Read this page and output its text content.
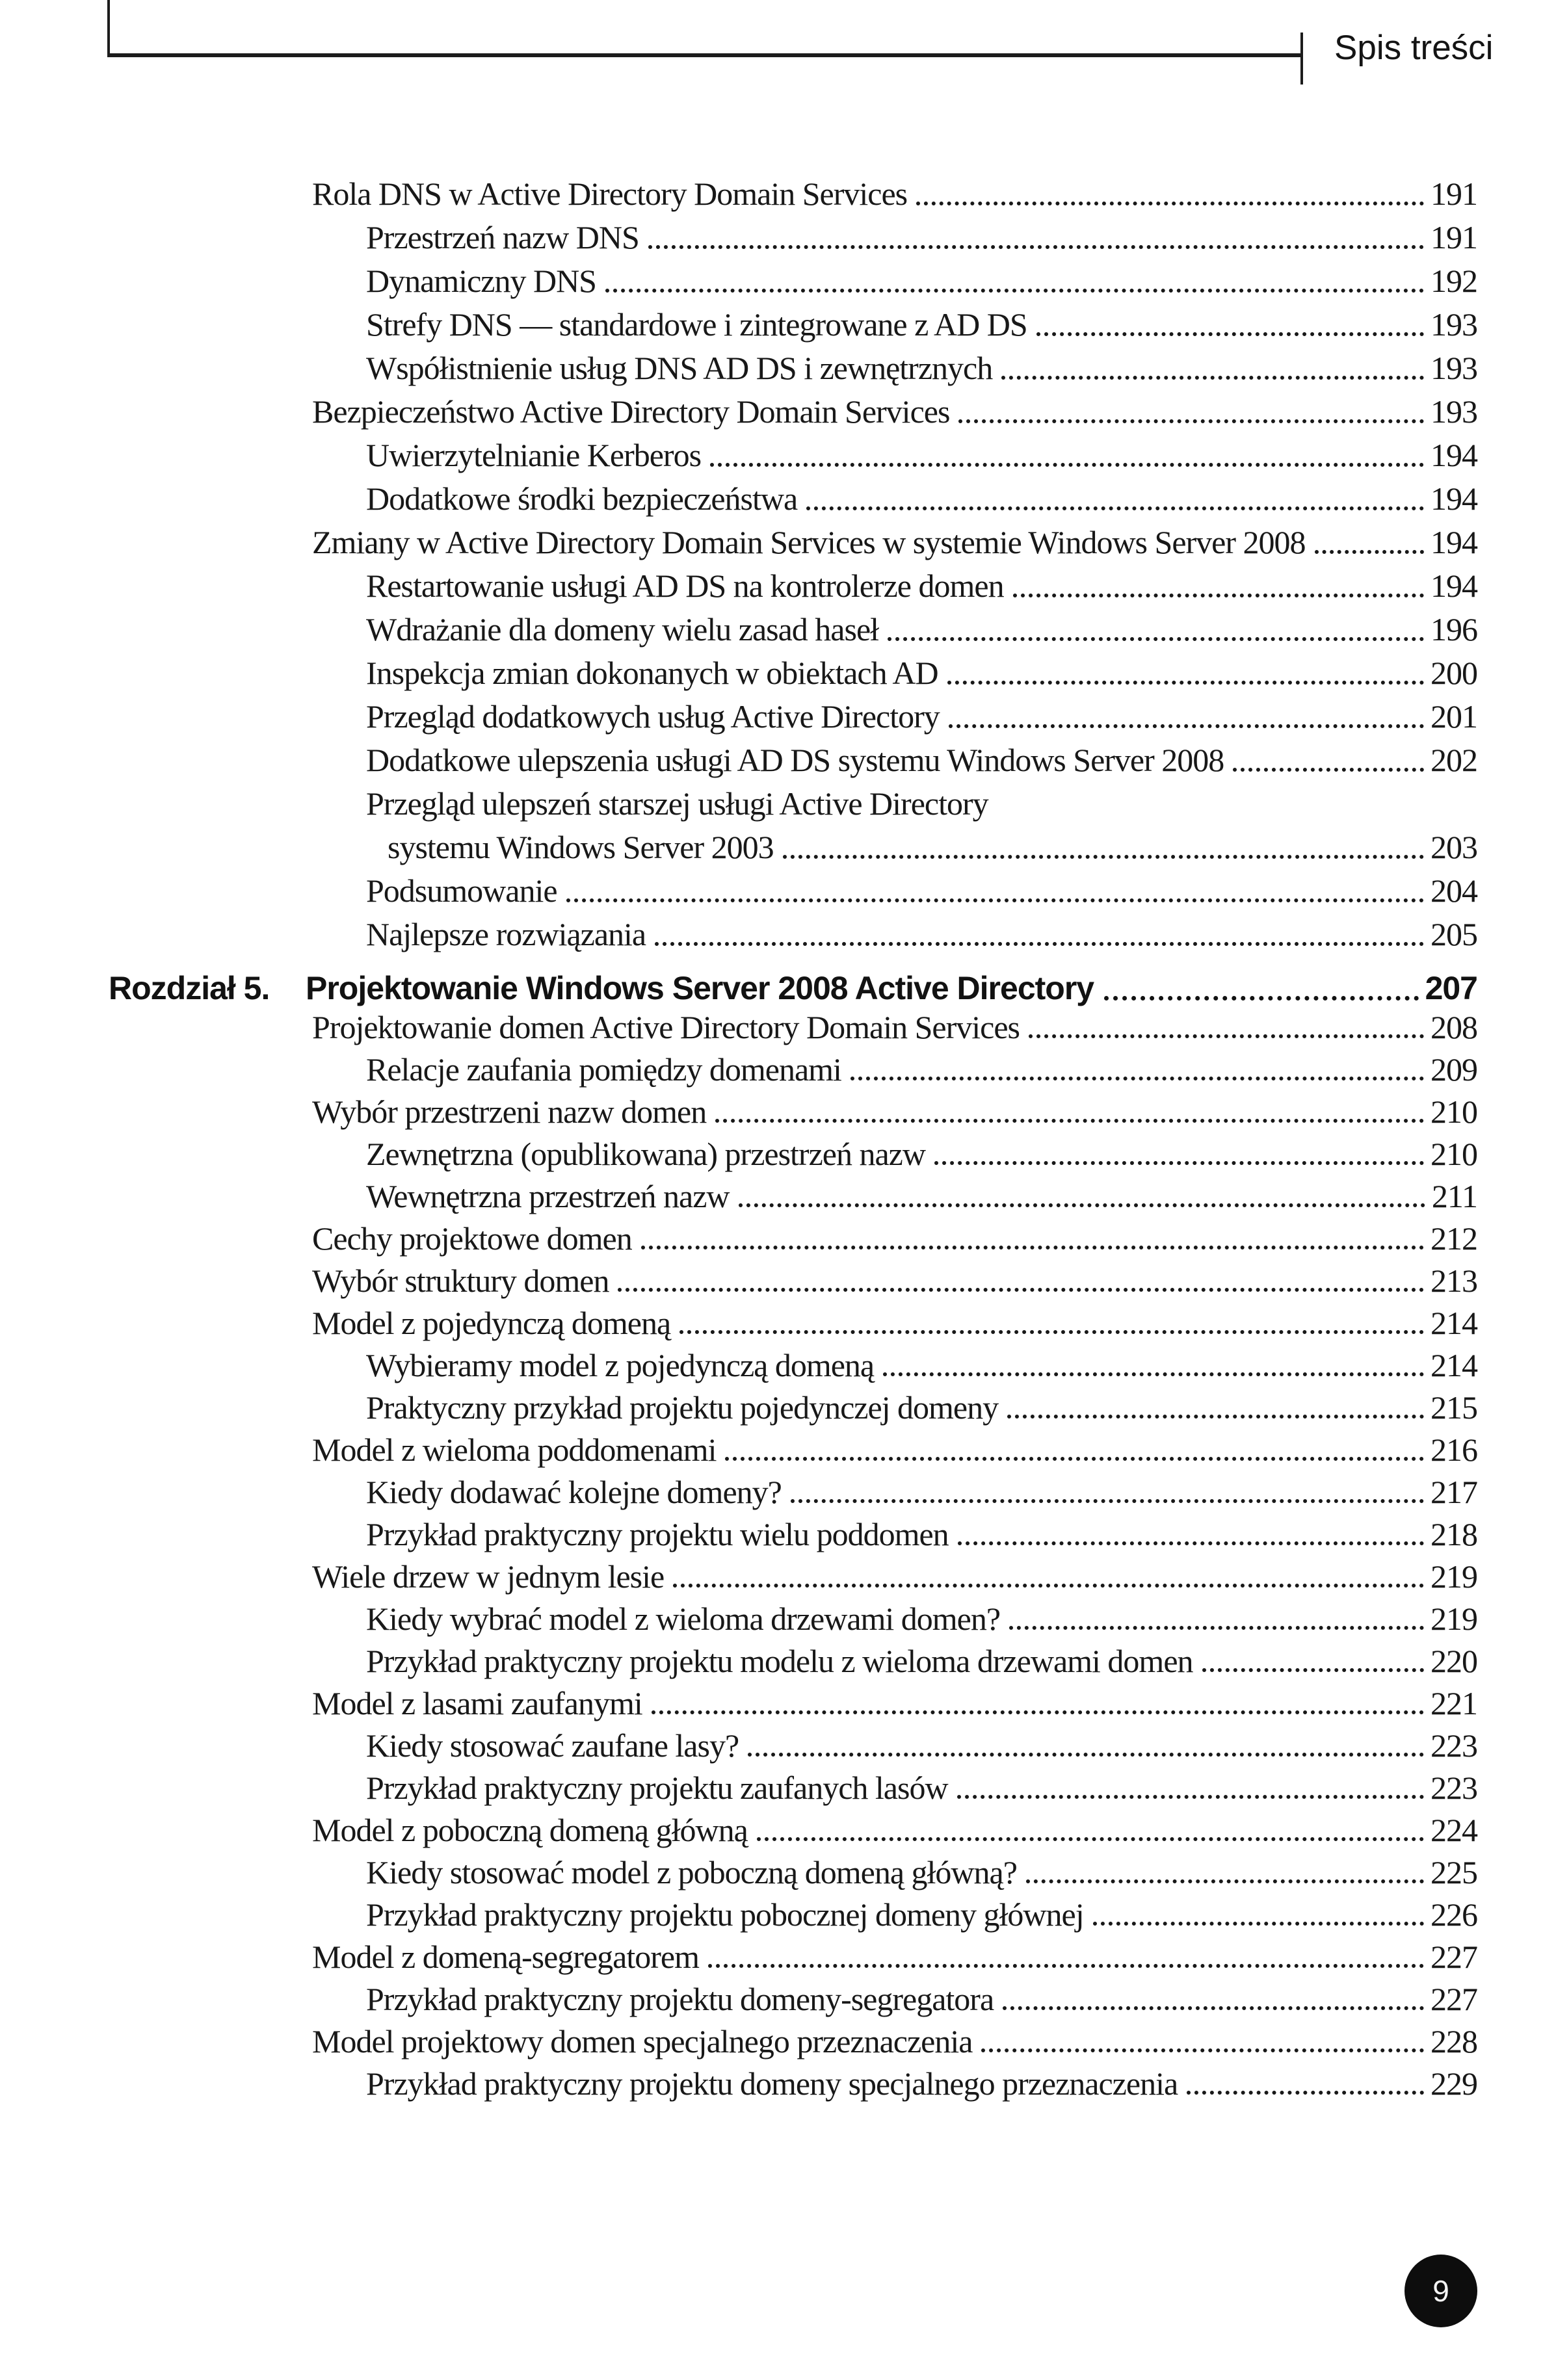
Spis treści
Rola DNS w Active Directory Domain Services	191
Przestrzeń nazw DNS	191
Dynamiczny DNS	192
Strefy DNS — standardowe i zintegrowane z AD DS	193
Współistnienie usług DNS AD DS i zewnętrznych	193
Bezpieczeństwo Active Directory Domain Services	193
Uwierzytelnianie Kerberos	194
Dodatkowe środki bezpieczeństwa	194
Zmiany w Active Directory Domain Services w systemie Windows Server 2008	194
Restartowanie usługi AD DS na kontrolerze domen	194
Wdrażanie dla domeny wielu zasad haseł	196
Inspekcja zmian dokonanych w obiektach AD	200
Przegląd dodatkowych usług Active Directory	201
Dodatkowe ulepszenia usługi AD DS systemu Windows Server 2008	202
Przegląd ulepszeń starszej usługi Active Directory
systemu Windows Server 2003	203
Podsumowanie	204
Najlepsze rozwiązania	205
Rozdział 5.	Projektowanie Windows Server 2008 Active Directory	207
Projektowanie domen Active Directory Domain Services	208
Relacje zaufania pomiędzy domenami	209
Wybór przestrzeni nazw domen	210
Zewnętrzna (opublikowana) przestrzeń nazw	210
Wewnętrzna przestrzeń nazw	211
Cechy projektowe domen	212
Wybór struktury domen	213
Model z pojedynczą domeną	214
Wybieramy model z pojedynczą domeną	214
Praktyczny przykład projektu pojedynczej domeny	215
Model z wieloma poddomenami	216
Kiedy dodawać kolejne domeny?	217
Przykład praktyczny projektu wielu poddomen	218
Wiele drzew w jednym lesie	219
Kiedy wybrać model z wieloma drzewami domen?	219
Przykład praktyczny projektu modelu z wieloma drzewami domen	220
Model z lasami zaufanymi	221
Kiedy stosować zaufane lasy?	223
Przykład praktyczny projektu zaufanych lasów	223
Model z poboczną domeną główną	224
Kiedy stosować model z poboczną domeną główną?	225
Przykład praktyczny projektu pobocznej domeny głównej	226
Model z domeną-segregatorem	227
Przykład praktyczny projektu domeny-segregatora	227
Model projektowy domen specjalnego przeznaczenia	228
Przykład praktyczny projektu domeny specjalnego przeznaczenia	229
9
